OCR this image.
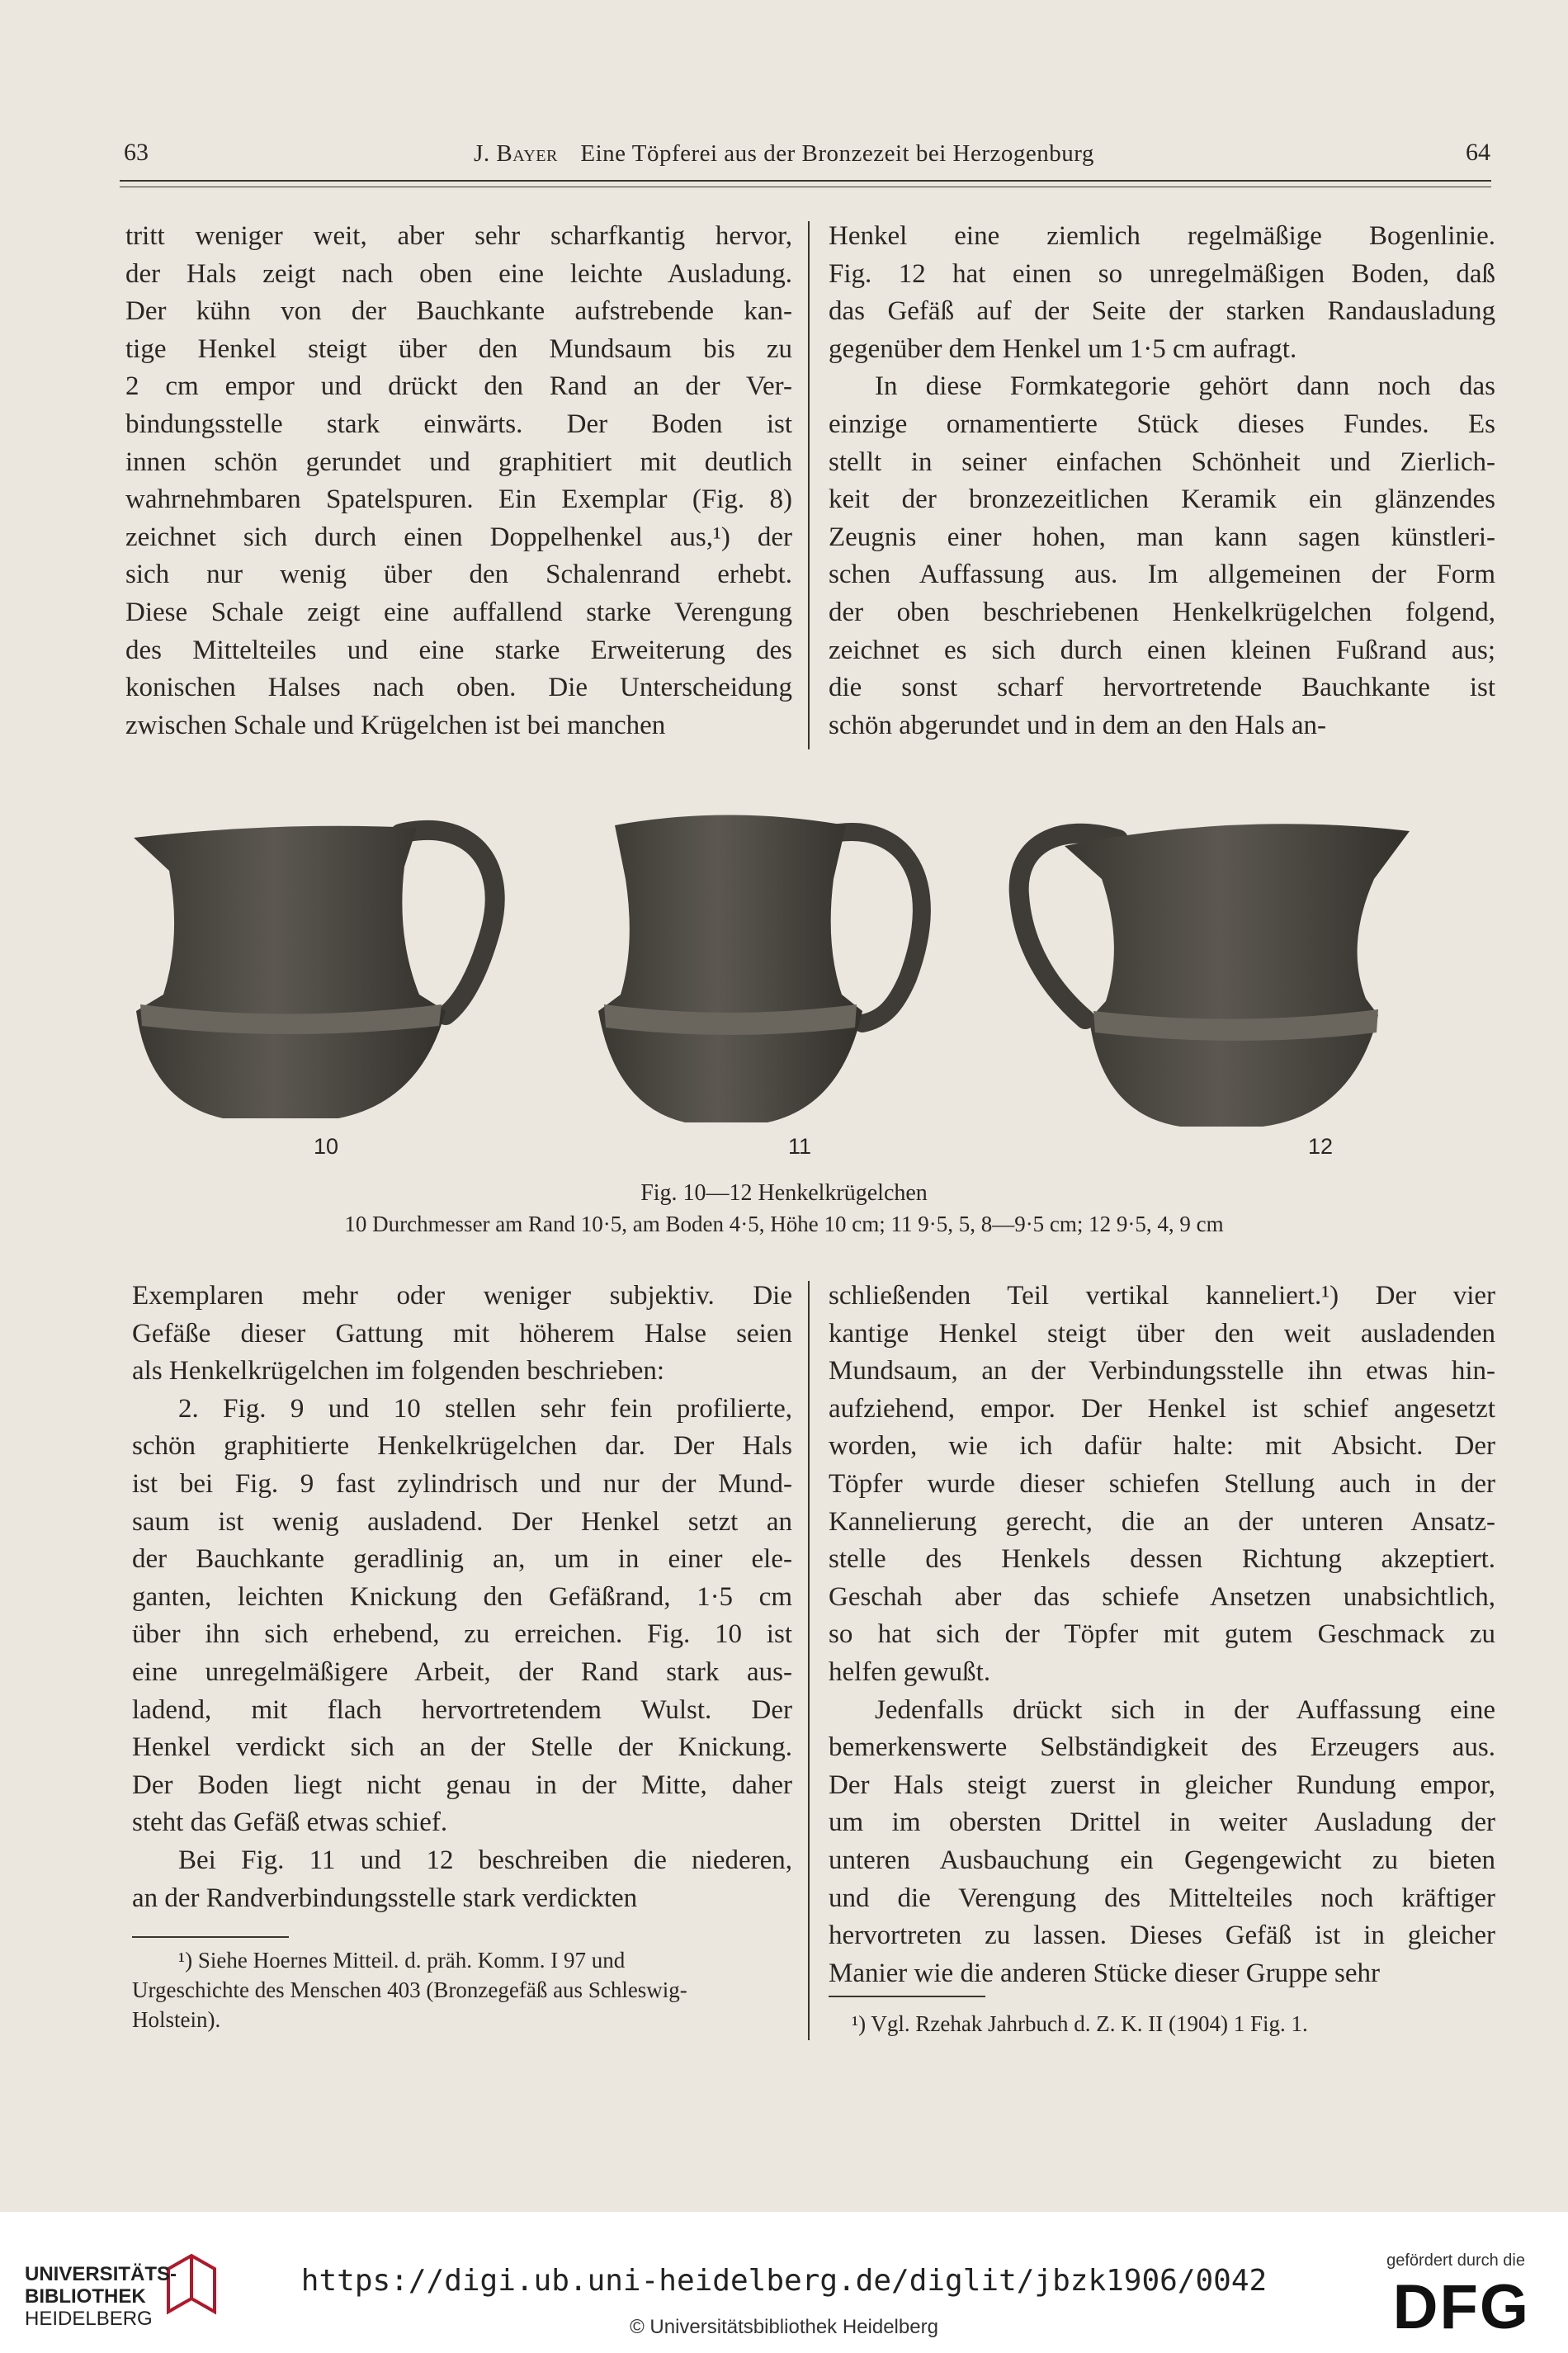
63	J. Bayer Eine Töpferei aus der Bronzezeit bei Herzogenburg	64

tritt weniger weit, aber sehr scharfkantig hervor,

der Hals zeigt nach oben eine leichte Ausladung.

Der kühn von der Bauchkante aufstrebende kan-

tige Henkel steigt über den Mundsaum bis zu

2 cm empor und drückt den Rand an der Ver-

bindungsstelle stark einwärts. Der Boden ist

innen schön gerundet und graphitiert mit deutlich

wahrnehmbaren Spatelspuren. Ein Exemplar (Fig. 8)

zeichnet sich durch einen Doppelhenkel aus,¹) der

sich nur wenig über den Schalenrand erhebt.

Diese Schale zeigt eine auffallend starke Verengung

des Mittelteiles und eine starke Erweiterung des

konischen Halses nach oben. Die Unterscheidung

zwischen Schale und Krügelchen ist bei manchen

Henkel eine ziemlich regelmäßige Bogenlinie.

Fig. 12 hat einen so unregelmäßigen Boden, daß

das Gefäß auf der Seite der starken Randausladung

gegenüber dem Henkel um 1·5 cm aufragt.

In diese Formkategorie gehört dann noch das

einzige ornamentierte Stück dieses Fundes. Es

stellt in seiner einfachen Schönheit und Zierlich-

keit der bronzezeitlichen Keramik ein glänzendes

Zeugnis einer hohen, man kann sagen künstleri-

schen Auffassung aus. Im allgemeinen der Form

der oben beschriebenen Henkelkrügelchen folgend,

zeichnet es sich durch einen kleinen Fußrand aus;

die sonst scharf hervortretende Bauchkante ist

schön abgerundet und in dem an den Hals an-

10	11	12
Fig. 10—12 Henkelkrügelchen
10 Durchmesser am Rand 10·5, am Boden 4·5, Höhe 10 cm; 11 9·5, 5, 8—9·5 cm; 12 9·5, 4, 9 cm

Exemplaren mehr oder weniger subjektiv. Die

Gefäße dieser Gattung mit höherem Halse seien

als Henkelkrügelchen im folgenden beschrieben:

2. Fig. 9 und 10 stellen sehr fein profilierte,

schön graphitierte Henkelkrügelchen dar. Der Hals

ist bei Fig. 9 fast zylindrisch und nur der Mund-

saum ist wenig ausladend. Der Henkel setzt an

der Bauchkante geradlinig an, um in einer ele-

ganten, leichten Knickung den Gefäßrand, 1·5 cm

über ihn sich erhebend, zu erreichen. Fig. 10 ist

eine unregelmäßigere Arbeit, der Rand stark aus-

ladend, mit flach hervortretendem Wulst. Der

Henkel verdickt sich an der Stelle der Knickung.

Der Boden liegt nicht genau in der Mitte, daher

steht das Gefäß etwas schief.

Bei Fig. 11 und 12 beschreiben die niederen,

an der Randverbindungsstelle stark verdickten

schließenden Teil vertikal kanneliert.¹) Der vier

kantige Henkel steigt über den weit ausladenden

Mundsaum, an der Verbindungsstelle ihn etwas hin-

aufziehend, empor. Der Henkel ist schief angesetzt

worden, wie ich dafür halte: mit Absicht. Der

Töpfer wurde dieser schiefen Stellung auch in der

Kannelierung gerecht, die an der unteren Ansatz-

stelle des Henkels dessen Richtung akzeptiert.

Geschah aber das schiefe Ansetzen unabsichtlich,

so hat sich der Töpfer mit gutem Geschmack zu

helfen gewußt.

Jedenfalls drückt sich in der Auffassung eine

bemerkenswerte Selbständigkeit des Erzeugers aus.

Der Hals steigt zuerst in gleicher Rundung empor,

um im obersten Drittel in weiter Ausladung der

unteren Ausbauchung ein Gegengewicht zu bieten

und die Verengung des Mittelteiles noch kräftiger

hervortreten zu lassen. Dieses Gefäß ist in gleicher

Manier wie die anderen Stücke dieser Gruppe sehr

¹) Siehe Hoernes Mitteil. d. präh. Komm. I 97 und

Urgeschichte des Menschen 403 (Bronzegefäß aus Schleswig-

Holstein).	¹) Vgl. Rzehak Jahrbuch d. Z. K. II (1904) 1 Fig. 1.
UNIVERSITÄTS-
BIBLIOTHEK
HEIDELBERG
https://digi.ub.uni-heidelberg.de/diglit/jbzk1906/0042
© Universitätsbibliothek Heidelberg
gefördert durch die
DFG
